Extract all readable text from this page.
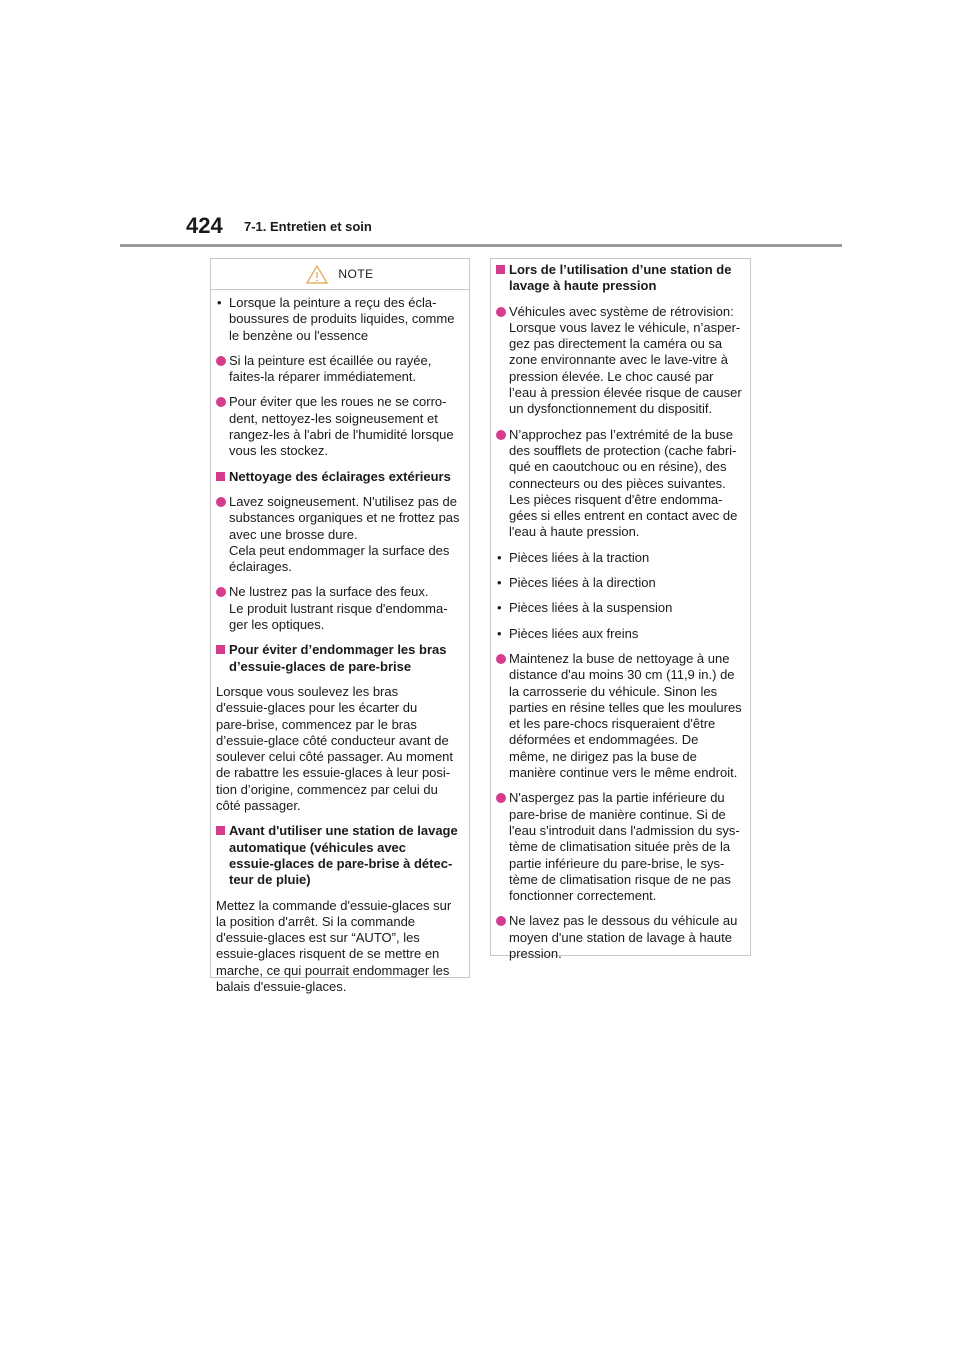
424 7-1. Entretien et soin
NOTE
• Lorsque la peinture a reçu des écla-
boussures de produits liquides, comme
le benzène ou l'essence
Si la peinture est écaillée ou rayée,
faites-la réparer immédiatement.
Pour éviter que les roues ne se corro-
dent, nettoyez-les soigneusement et
rangez-les à l'abri de l'humidité lorsque
vous les stockez.
Nettoyage des éclairages extérieurs
Lavez soigneusement. N'utilisez pas de
substances organiques et ne frottez pas
avec une brosse dure.
Cela peut endommager la surface des
éclairages.
Ne lustrez pas la surface des feux.
Le produit lustrant risque d'endomma-
ger les optiques.
Pour éviter d’endommager les bras
d’essuie-glaces de pare-brise
Lorsque vous soulevez les bras
d'essuie-glaces pour les écarter du
pare-brise, commencez par le bras
d’essuie-glace côté conducteur avant de
soulever celui côté passager. Au moment
de rabattre les essuie-glaces à leur posi-
tion d’origine, commencez par celui du
côté passager.
Avant d'utiliser une station de lavage
automatique (véhicules avec
essuie-glaces de pare-brise à détec-
teur de pluie)
Mettez la commande d'essuie-glaces sur
la position d'arrêt. Si la commande
d'essuie-glaces est sur “AUTO”, les
essuie-glaces risquent de se mettre en
marche, ce qui pourrait endommager les
balais d'essuie-glaces.
Lors de l’utilisation d’une station de
lavage à haute pression
Véhicules avec système de rétrovision:
Lorsque vous lavez le véhicule, n’asper-
gez pas directement la caméra ou sa
zone environnante avec le lave-vitre à
pression élevée. Le choc causé par
l’eau à pression élevée risque de causer
un dysfonctionnement du dispositif.
N’approchez pas l’extrémité de la buse
des soufflets de protection (cache fabri-
qué en caoutchouc ou en résine), des
connecteurs ou des pièces suivantes.
Les pièces risquent d'être endomma-
gées si elles entrent en contact avec de
l'eau à haute pression.
• Pièces liées à la traction
• Pièces liées à la direction
• Pièces liées à la suspension
• Pièces liées aux freins
Maintenez la buse de nettoyage à une
distance d'au moins 30 cm (11,9 in.) de
la carrosserie du véhicule. Sinon les
parties en résine telles que les moulures
et les pare-chocs risqueraient d'être
déformées et endommagées. De
même, ne dirigez pas la buse de
manière continue vers le même endroit.
N'aspergez pas la partie inférieure du
pare-brise de manière continue. Si de
l'eau s'introduit dans l'admission du sys-
tème de climatisation située près de la
partie inférieure du pare-brise, le sys-
tème de climatisation risque de ne pas
fonctionner correctement.
Ne lavez pas le dessous du véhicule au
moyen d'une station de lavage à haute
pression.
